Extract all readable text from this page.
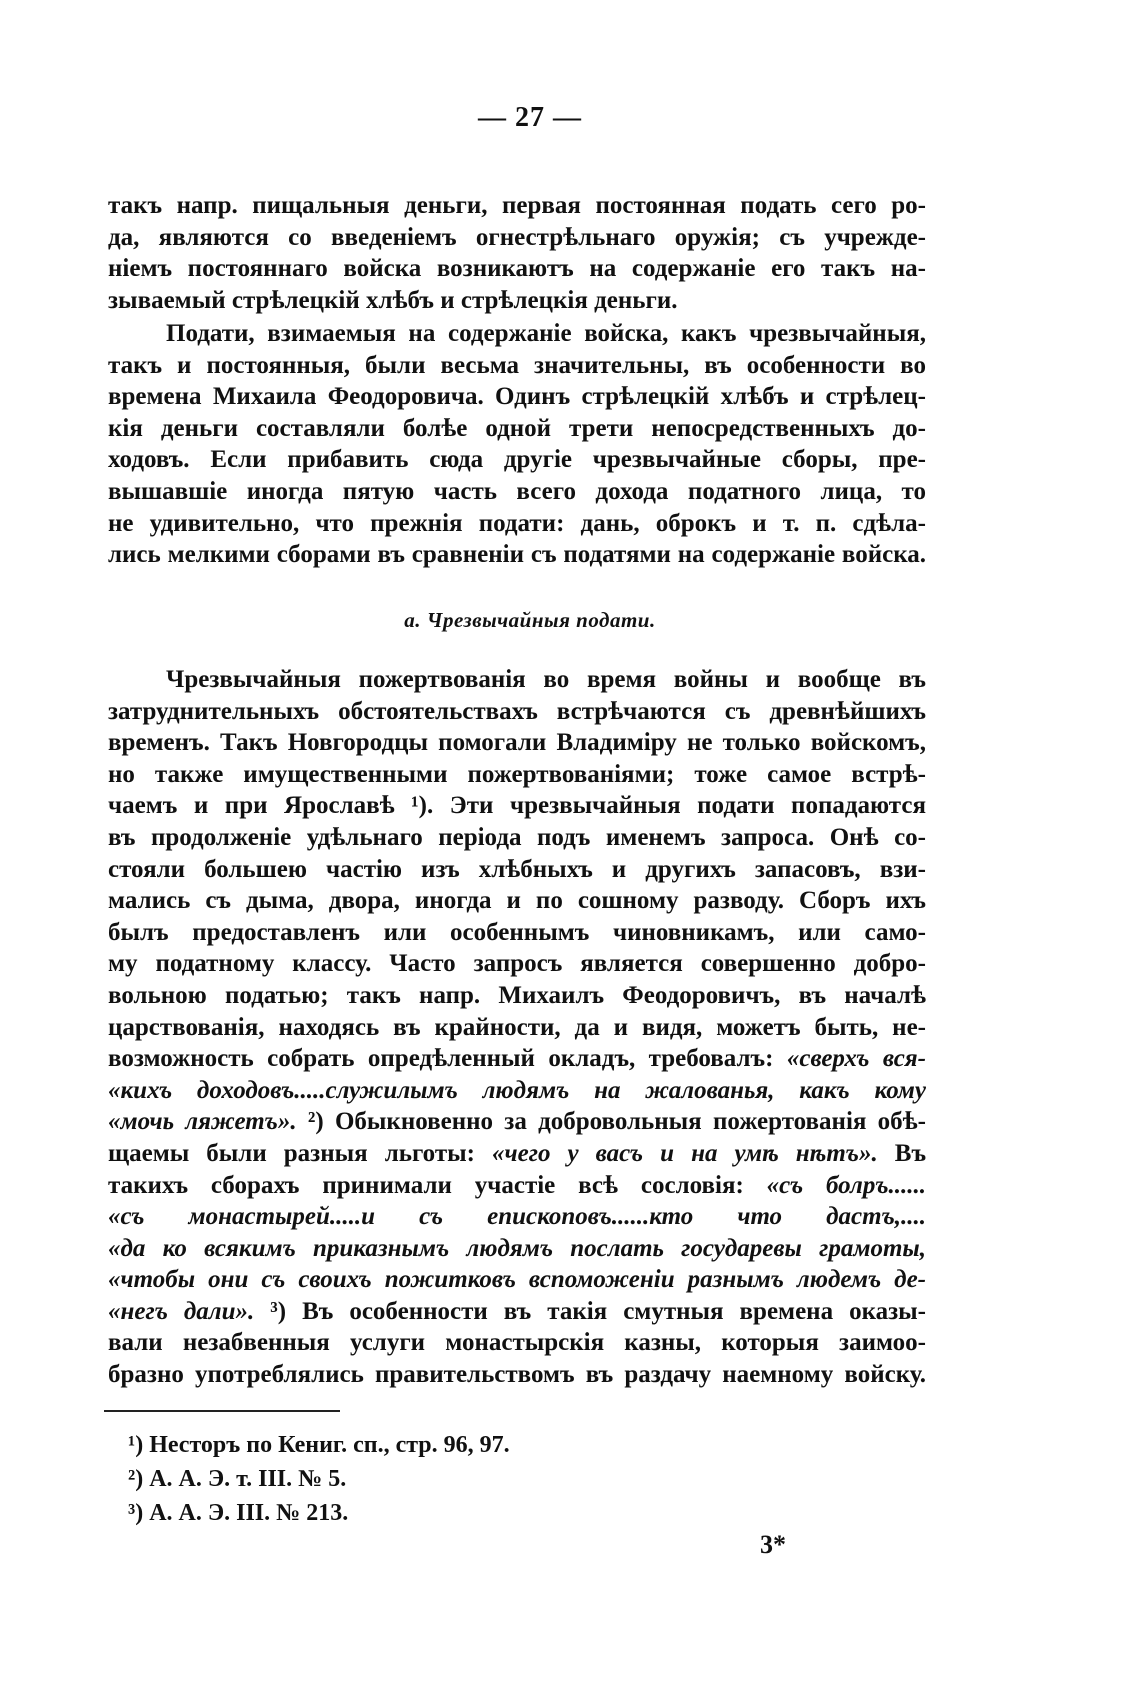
— 27 —
такъ напр. пищальныя деньги, первая постоянная подать сего ро-
да, являются со введеніемъ огнестрѣльнаго оружія; съ учрежде-
ніемъ постояннаго войска возникаютъ на содержаніе его такъ на-
зываемый стрѣлецкій хлѣбъ и стрѣлецкія деньги.
Подати, взимаемыя на содержаніе войска, какъ чрезвычайныя,
такъ и постоянныя, были весьма значительны, въ особенности во
времена Михаила Феодоровича. Одинъ стрѣлецкій хлѣбъ и стрѣлец-
кія деньги составляли болѣе одной трети непосредственныхъ до-
ходовъ. Если прибавить сюда другіе чрезвычайные сборы, пре-
вышавшіе иногда пятую часть всего дохода податного лица, то
не удивительно, что прежнія подати: дань, оброкъ и т. п. сдѣла-
лись мелкими сборами въ сравненіи съ податями на содержаніе войска.
а. Чрезвычайныя подати.
Чрезвычайныя пожертвованія во время войны и вообще въ
затруднительныхъ обстоятельствахъ встрѣчаются съ древнѣйшихъ
временъ. Такъ Новгородцы помогали Владиміру не только войскомъ,
но также имущественными пожертвованіями; тоже самое встрѣ-
чаемъ и при Ярославѣ ¹). Эти чрезвычайныя подати попадаются
въ продолженіе удѣльнаго періода подъ именемъ запроса. Онѣ со-
стояли большею частію изъ хлѣбныхъ и другихъ запасовъ, взи-
мались съ дыма, двора, иногда и по сошному разводу. Сборъ ихъ
былъ предоставленъ или особеннымъ чиновникамъ, или само-
му податному классу. Часто запросъ является совершенно добро-
вольною податью; такъ напр. Михаилъ Феодоровичъ, въ началѣ
царствованія, находясь въ крайности, да и видя, можетъ быть, не-
возможность собрать опредѣленный окладъ, требовалъ: «сверхъ вся-
«кихъ доходовъ.....служилымъ людямъ на жалованья, какъ кому
«мочь ляжетъ». ²) Обыкновенно за добровольныя пожертованія обѣ-
щаемы были разныя льготы: «чего у васъ и на умѣ нѣтъ». Въ
такихъ сборахъ принимали участіе всѣ сословія: «съ болръ......
«съ монастырей.....и съ епископовъ......кто что дастъ,....
«да ко всякимъ приказнымъ людямъ послать государевы грамоты,
«чтобы они съ своихъ пожитковъ вспоможеніи разнымъ людемъ де-
«негъ дали». ³) Въ особенности въ такія смутныя времена оказы-
вали незабвенныя услуги монастырскія казны, которыя заимоо-
бразно употреблялись правительствомъ въ раздачу наемному войску.
¹) Несторъ по Кениг. сп., стр. 96, 97.
²) А. А. Э. т. III. № 5.
³) А. А. Э. III. № 213.
3*
